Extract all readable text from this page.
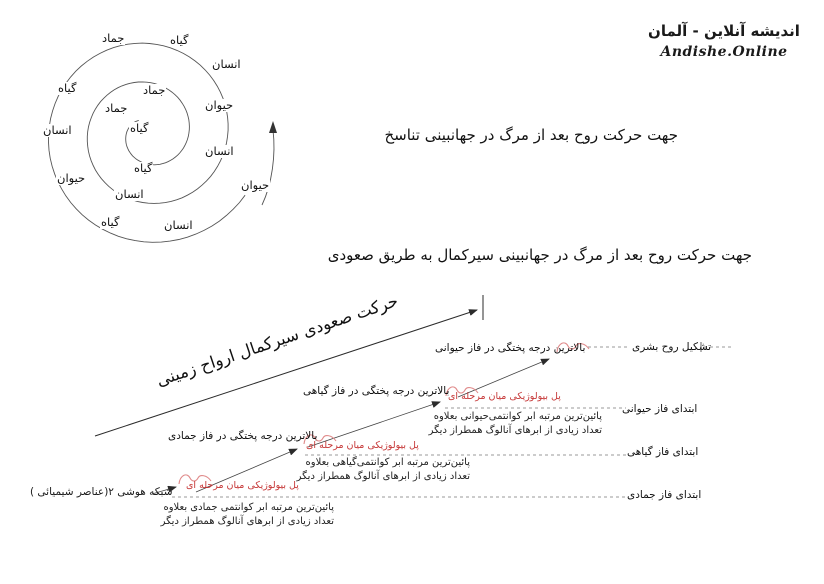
اندیشه آنلاین - آلمان
Andishe.Online
جماد	گیاه
انسان
گیاه	جماد
حیوان
جماد
انسان	گیاه
انسان
گیاه
حیوان
انسان
حیوان
گیاه	انسان
جهت حرکت روح بعد از مرگ در جهانبینی تناسخ
جهت حرکت روح بعد از مرگ در جهانبینی سیرکمال به طریق صعودی
حرکت صعودی سیرکمال ارواح زمینی
شبکه هوشی ۲(عناصر شیمیائی )
بالاترین درجه پختگی در فاز جمادی
بالاترین درجه پختگی در فاز گیاهی
بالاترین درجه پختگی در فاز حیوانی
پل بیولوژیکی میان مرحله ای
پل بیولوژیکی میان مرحله ای
پل بیولوژیکی میان مرحله ای
تشکیل روح بشری
ابتدای فاز حیوانی
ابتدای فاز گیاهی
ابتدای فاز جمادی
پائین‌ترین مرتبه ابر کوانتمی جمادی بعلاوه
تعداد زیادی از ابرهای آنالوگ همطراز دیگر
پائین‌ترین مرتبه ابر کوانتمی‌گیاهی بعلاوه
تعداد زیادی از ابرهای آنالوگ همطراز دیگر
پائین‌ترین مرتبه ابر کوانتمی‌حیوانی بعلاوه
تعداد زیادی از ابرهای آنالوگ همطراز دیگر
